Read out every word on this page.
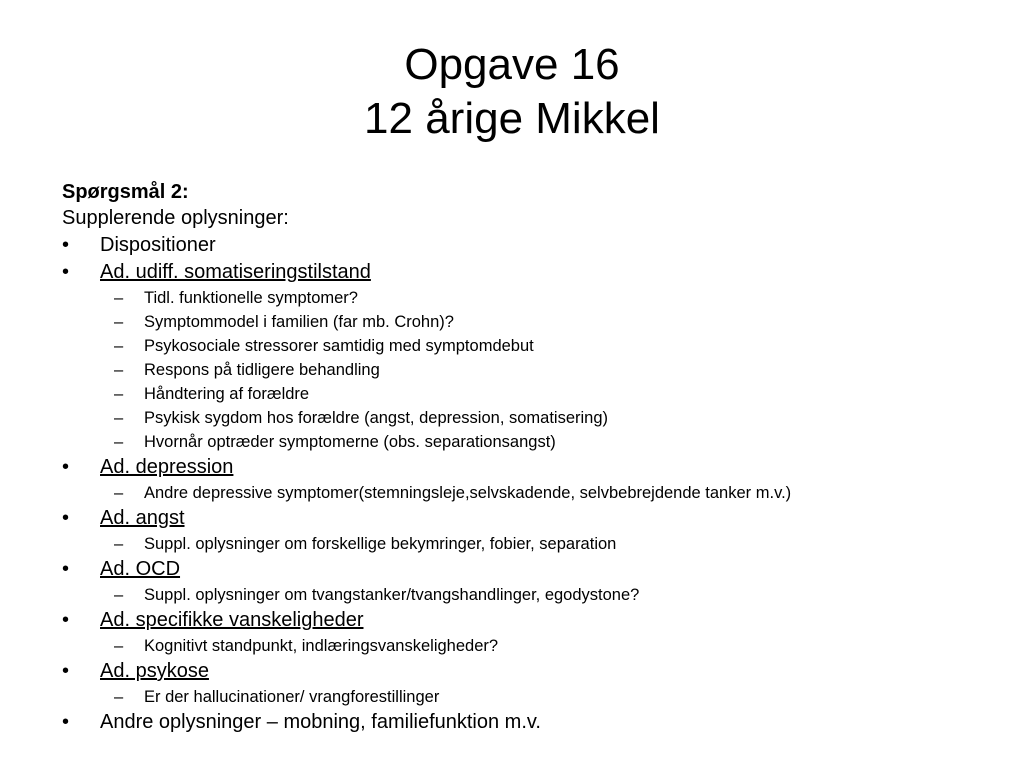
Opgave 16
12 årige Mikkel

Spørgsmål 2:

Supplerende oplysninger:

• Dispositioner
• Ad. udiff. somatiseringstilstand
– Tidl. funktionelle symptomer?
– Symptommodel i familien (far mb. Crohn)?
– Psykosociale stressorer samtidig med symptomdebut
– Respons på tidligere behandling
– Håndtering af forældre
– Psykisk sygdom hos forældre (angst, depression, somatisering)
– Hvornår optræder symptomerne (obs. separationsangst)
• Ad. depression
– Andre depressive symptomer(stemningsleje,selvskadende, selvbebrejdende tanker m.v.)
• Ad. angst
– Suppl. oplysninger om forskellige bekymringer, fobier, separation
• Ad. OCD
– Suppl. oplysninger om tvangstanker/tvangshandlinger, egodystone?
• Ad. specifikke vanskeligheder
– Kognitivt standpunkt, indlæringsvanskeligheder?
• Ad. psykose
– Er der hallucinationer/ vrangforestillinger
• Andre oplysninger – mobning, familiefunktion m.v.
